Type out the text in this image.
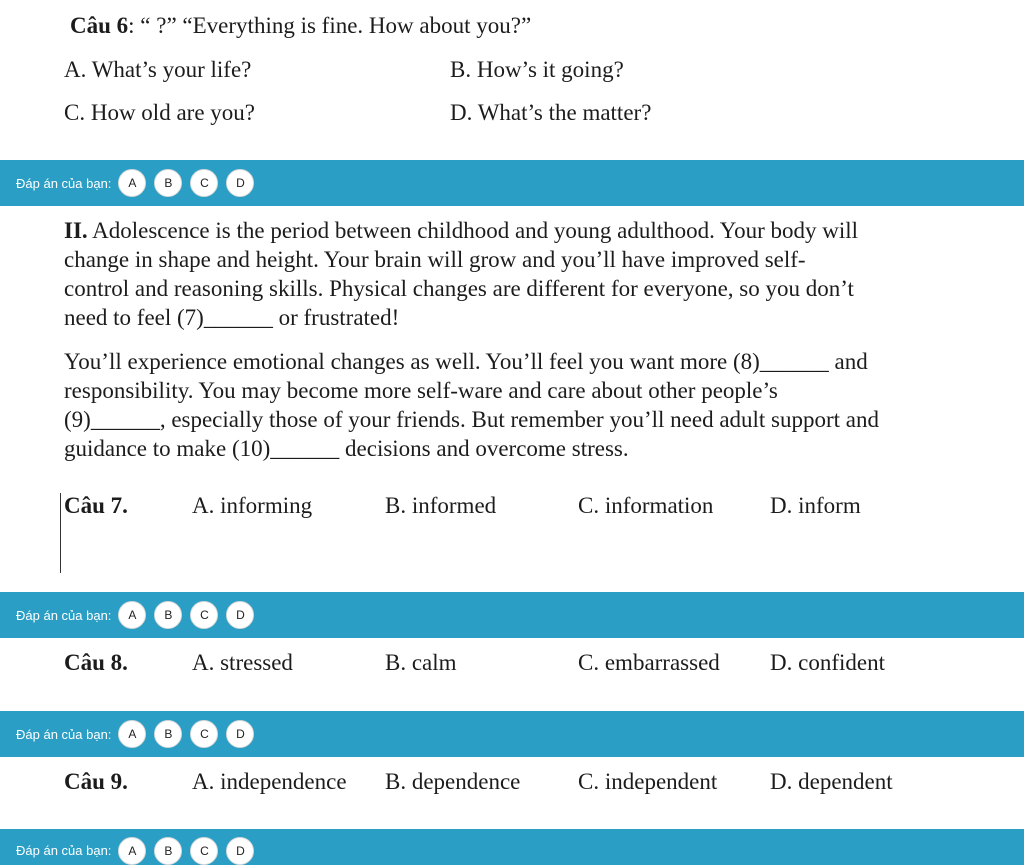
Câu 6: “ ?” “Everything is fine. How about you?”
A. What’s your life?	B. How’s it going?
C. How old are you?	D. What’s the matter?
Đáp án của bạn:	A	B	C	D

II. Adolescence is the period between childhood and young adulthood. Your body will

change in shape and height. Your brain will grow and you’ll have improved self-

control and reasoning skills. Physical changes are different for everyone, so you don’t

need to feel (7)______ or frustrated!

You’ll experience emotional changes as well. You’ll feel you want more (8)______ and

responsibility. You may become more self-ware and care about other people’s

(9)______, especially those of your friends. But remember you’ll need adult support and

guidance to make (10)______ decisions and overcome stress.

Câu 7.	A. informing	B. informed	C. information D. inform
Đáp án của bạn:	A	B	C	D
Câu 8.	A. stressed	B. calm	C. embarrassed D. confident
Đáp án của bạn:	A	B	C	D
Câu 9.	A. independence B. dependence	C. independent D. dependent
Đáp án của bạn:	A	B	C	D
